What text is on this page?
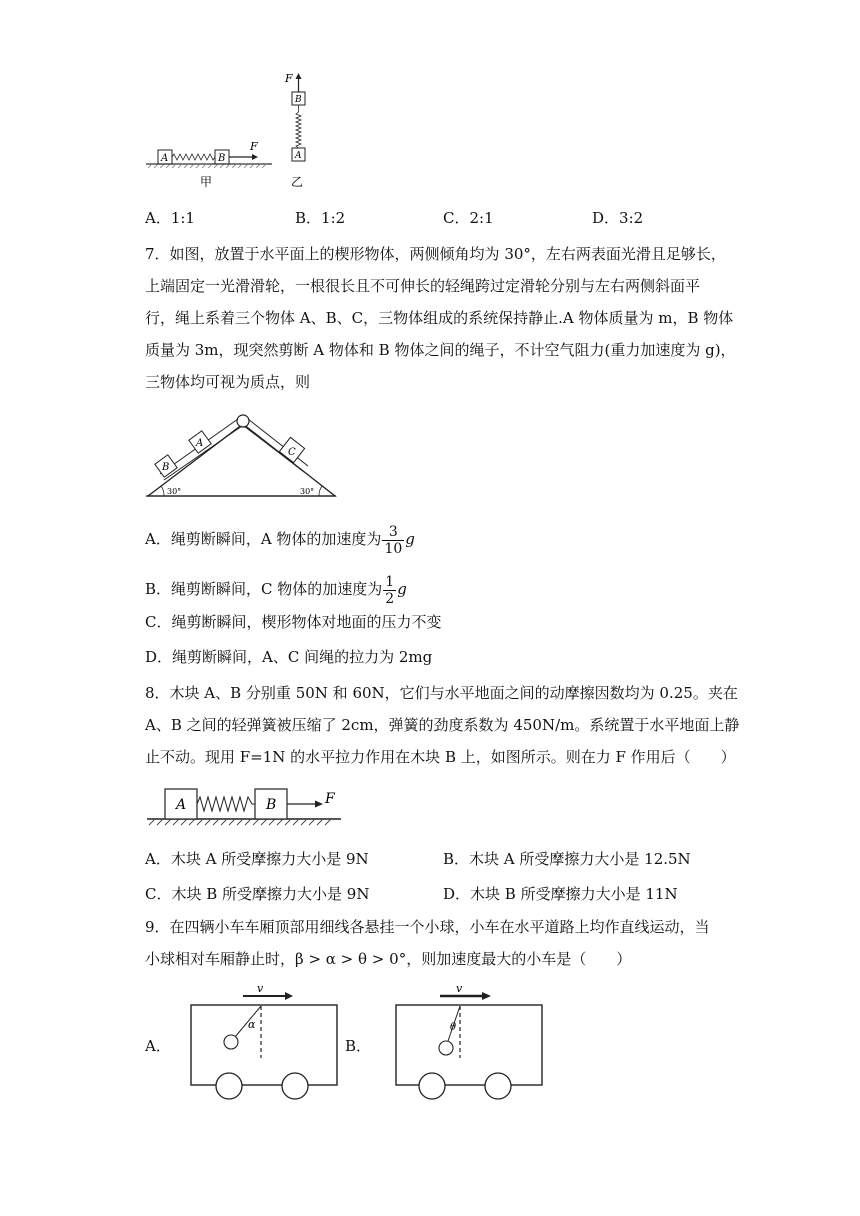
A	B
F
甲
A
B
F
乙
A．1:1	B．1:2	C．2:1	D．3:2
7．如图，放置于水平面上的楔形物体，两侧倾角均为 30°，左右两表面光滑且足够长，
上端固定一光滑滑轮，一根很长且不可伸长的轻绳跨过定滑轮分别与左右两侧斜面平
行，绳上系着三个物体 A、B、C，三物体组成的系统保持静止.A 物体质量为 m，B 物体
质量为 3m，现突然剪断 A 物体和 B 物体之间的绳子，不计空气阻力(重力加速度为 g)，
三物体均可视为质点，则
B
A
C
30°	30°
A．绳剪断瞬间，A 物体的加速度为 $\frac{3}{10}$ g
B．绳剪断瞬间，C 物体的加速度为 $\frac{1}{2}$ g
C．绳剪断瞬间，楔形物体对地面的压力不变
D．绳剪断瞬间，A、C 间绳的拉力为 2mg
8．木块 A、B 分别重 50N 和 60N，它们与水平地面之间的动摩擦因数均为 0.25。夹在
A、B 之间的轻弹簧被压缩了 2cm，弹簧的劲度系数为 450N/m。系统置于水平地面上静
止不动。现用 F=1N 的水平拉力作用在木块 B 上，如图所示。则在力 F 作用后（　　）
A	B	F
A．木块 A 所受摩擦力大小是 9N	B．木块 A 所受摩擦力大小是 12.5N
C．木块 B 所受摩擦力大小是 9N	D．木块 B 所受摩擦力大小是 11N
9．在四辆小车车厢顶部用细线各悬挂一个小球，小车在水平道路上均作直线运动，当
小球相对车厢静止时，β > α > θ > 0°，则加速度最大的小车是（　　）
A．	B．
v
α
v
θ
